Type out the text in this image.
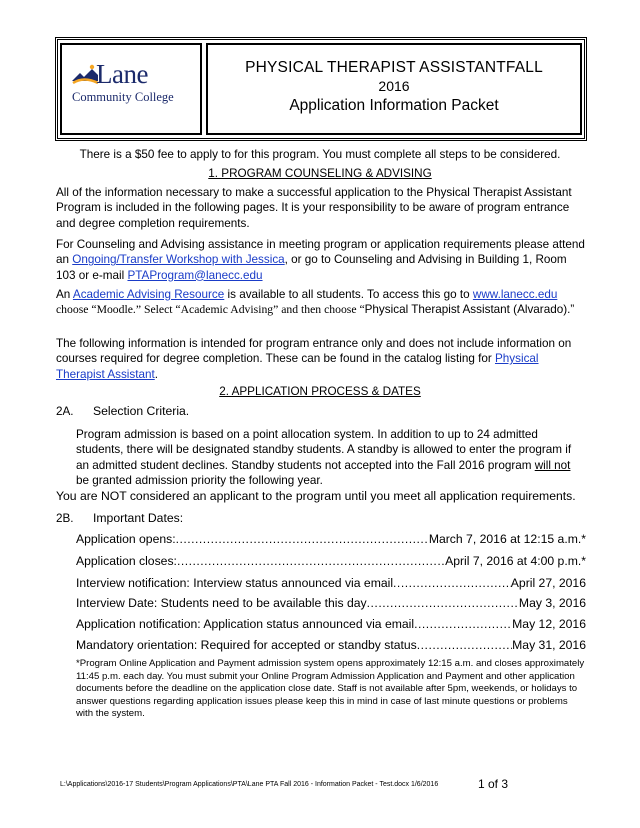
Lane
Community College
PHYSICAL THERAPIST ASSISTANTFALL
2016
Application Information Packet
There is a $50 fee to apply to for this program. You must complete all steps to be considered.
1. PROGRAM COUNSELING & ADVISING
All of the information necessary to make a successful application to the Physical Therapist Assistant Program is included in the following pages. It is your responsibility to be aware of program entrance and degree completion requirements.
For Counseling and Advising assistance in meeting program or application requirements please attend an Ongoing/Transfer Workshop with Jessica, or go to Counseling and Advising in Building 1, Room 103 or e-mail PTAProgram@lanecc.edu
An Academic Advising Resource is available to all students. To access this go to www.lanecc.edu choose “Moodle.” Select “Academic Advising” and then choose “Physical Therapist Assistant (Alvarado).”
The following information is intended for program entrance only and does not include information on courses required for degree completion. These can be found in the catalog listing for Physical Therapist Assistant.
2. APPLICATION PROCESS & DATES
2A. Selection Criteria.
Program admission is based on a point allocation system. In addition to up to 24 admitted students, there will be designated standby students. A standby is allowed to enter the program if an admitted student declines. Standby students not accepted into the Fall 2016 program will not be granted admission priority the following year.
You are NOT considered an applicant to the program until you meet all application requirements.
2B. Important Dates:
Application opens: .....	March 7, 2016 at 12:15 a.m.*
Application closes: .....	April 7, 2016 at 4:00 p.m.*
Interview notification: Interview status announced via email .....	April 27, 2016
Interview Date: Students need to be available this day .....	May 3, 2016
Application notification: Application status announced via email .....	May 12, 2016
Mandatory orientation: Required for accepted or standby status .....	May 31, 2016
*Program Online Application and Payment admission system opens approximately 12:15 a.m. and closes approximately 11:45 p.m. each day. You must submit your Online Program Admission Application and Payment and other application documents before the deadline on the application close date. Staff is not available after 5pm, weekends, or holidays to answer questions regarding application issues please keep this in mind in case of last minute questions or problems with the system.
L:\Applications\2016-17 Students\Program Applications\PTA\Lane PTA Fall 2016 - Information Packet - Test.docx 1/6/2016	1 of 3
